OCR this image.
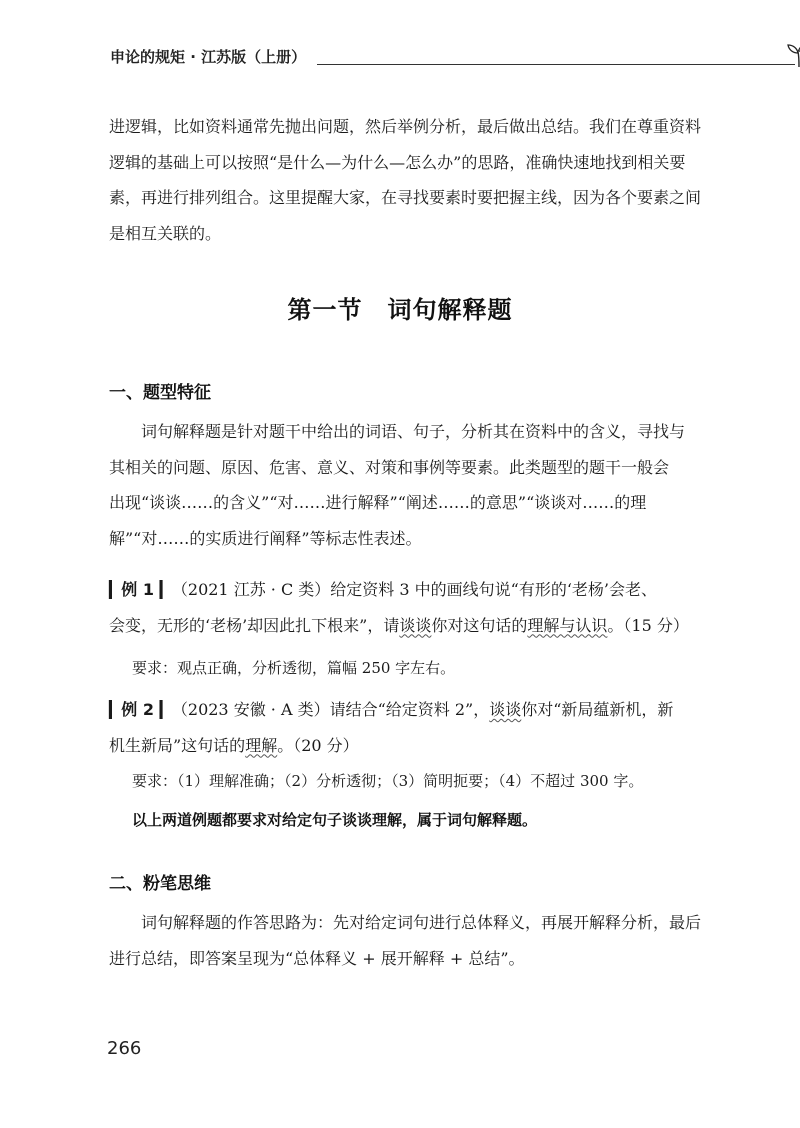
申论的规矩 · 江苏版（上册）
进逻辑，比如资料通常先抛出问题，然后举例分析，最后做出总结。我们在尊重资料
逻辑的基础上可以按照“是什么—为什么—怎么办”的思路，准确快速地找到相关要
素，再进行排列组合。这里提醒大家，在寻找要素时要把握主线，因为各个要素之间
是相互关联的。
第一节　词句解释题
一、题型特征
词句解释题是针对题干中给出的词语、句子，分析其在资料中的含义，寻找与
其相关的问题、原因、危害、意义、对策和事例等要素。此类题型的题干一般会
出现“谈谈……的含义”“对……进行解释”“阐述……的意思”“谈谈对……的理
解”“对……的实质进行阐释”等标志性表述。
▎例 1 ▎（2021 江苏 · C 类）给定资料 3 中的画线句说“有形的‘老杨’会老、
会变，无形的‘老杨’却因此扎下根来”，请谈谈你对这句话的理解与认识。（15 分）
要求：观点正确，分析透彻，篇幅 250 字左右。
▎例 2 ▎（2023 安徽 · A 类）请结合“给定资料 2”，谈谈你对“新局蕴新机，新
机生新局”这句话的理解。（20 分）
要求：（1）理解准确；（2）分析透彻；（3）简明扼要；（4）不超过 300 字。
以上两道例题都要求对给定句子谈谈理解，属于词句解释题。
二、粉笔思维
词句解释题的作答思路为：先对给定词句进行总体释义，再展开解释分析，最后
进行总结，即答案呈现为“总体释义 + 展开解释 + 总结”。
266
